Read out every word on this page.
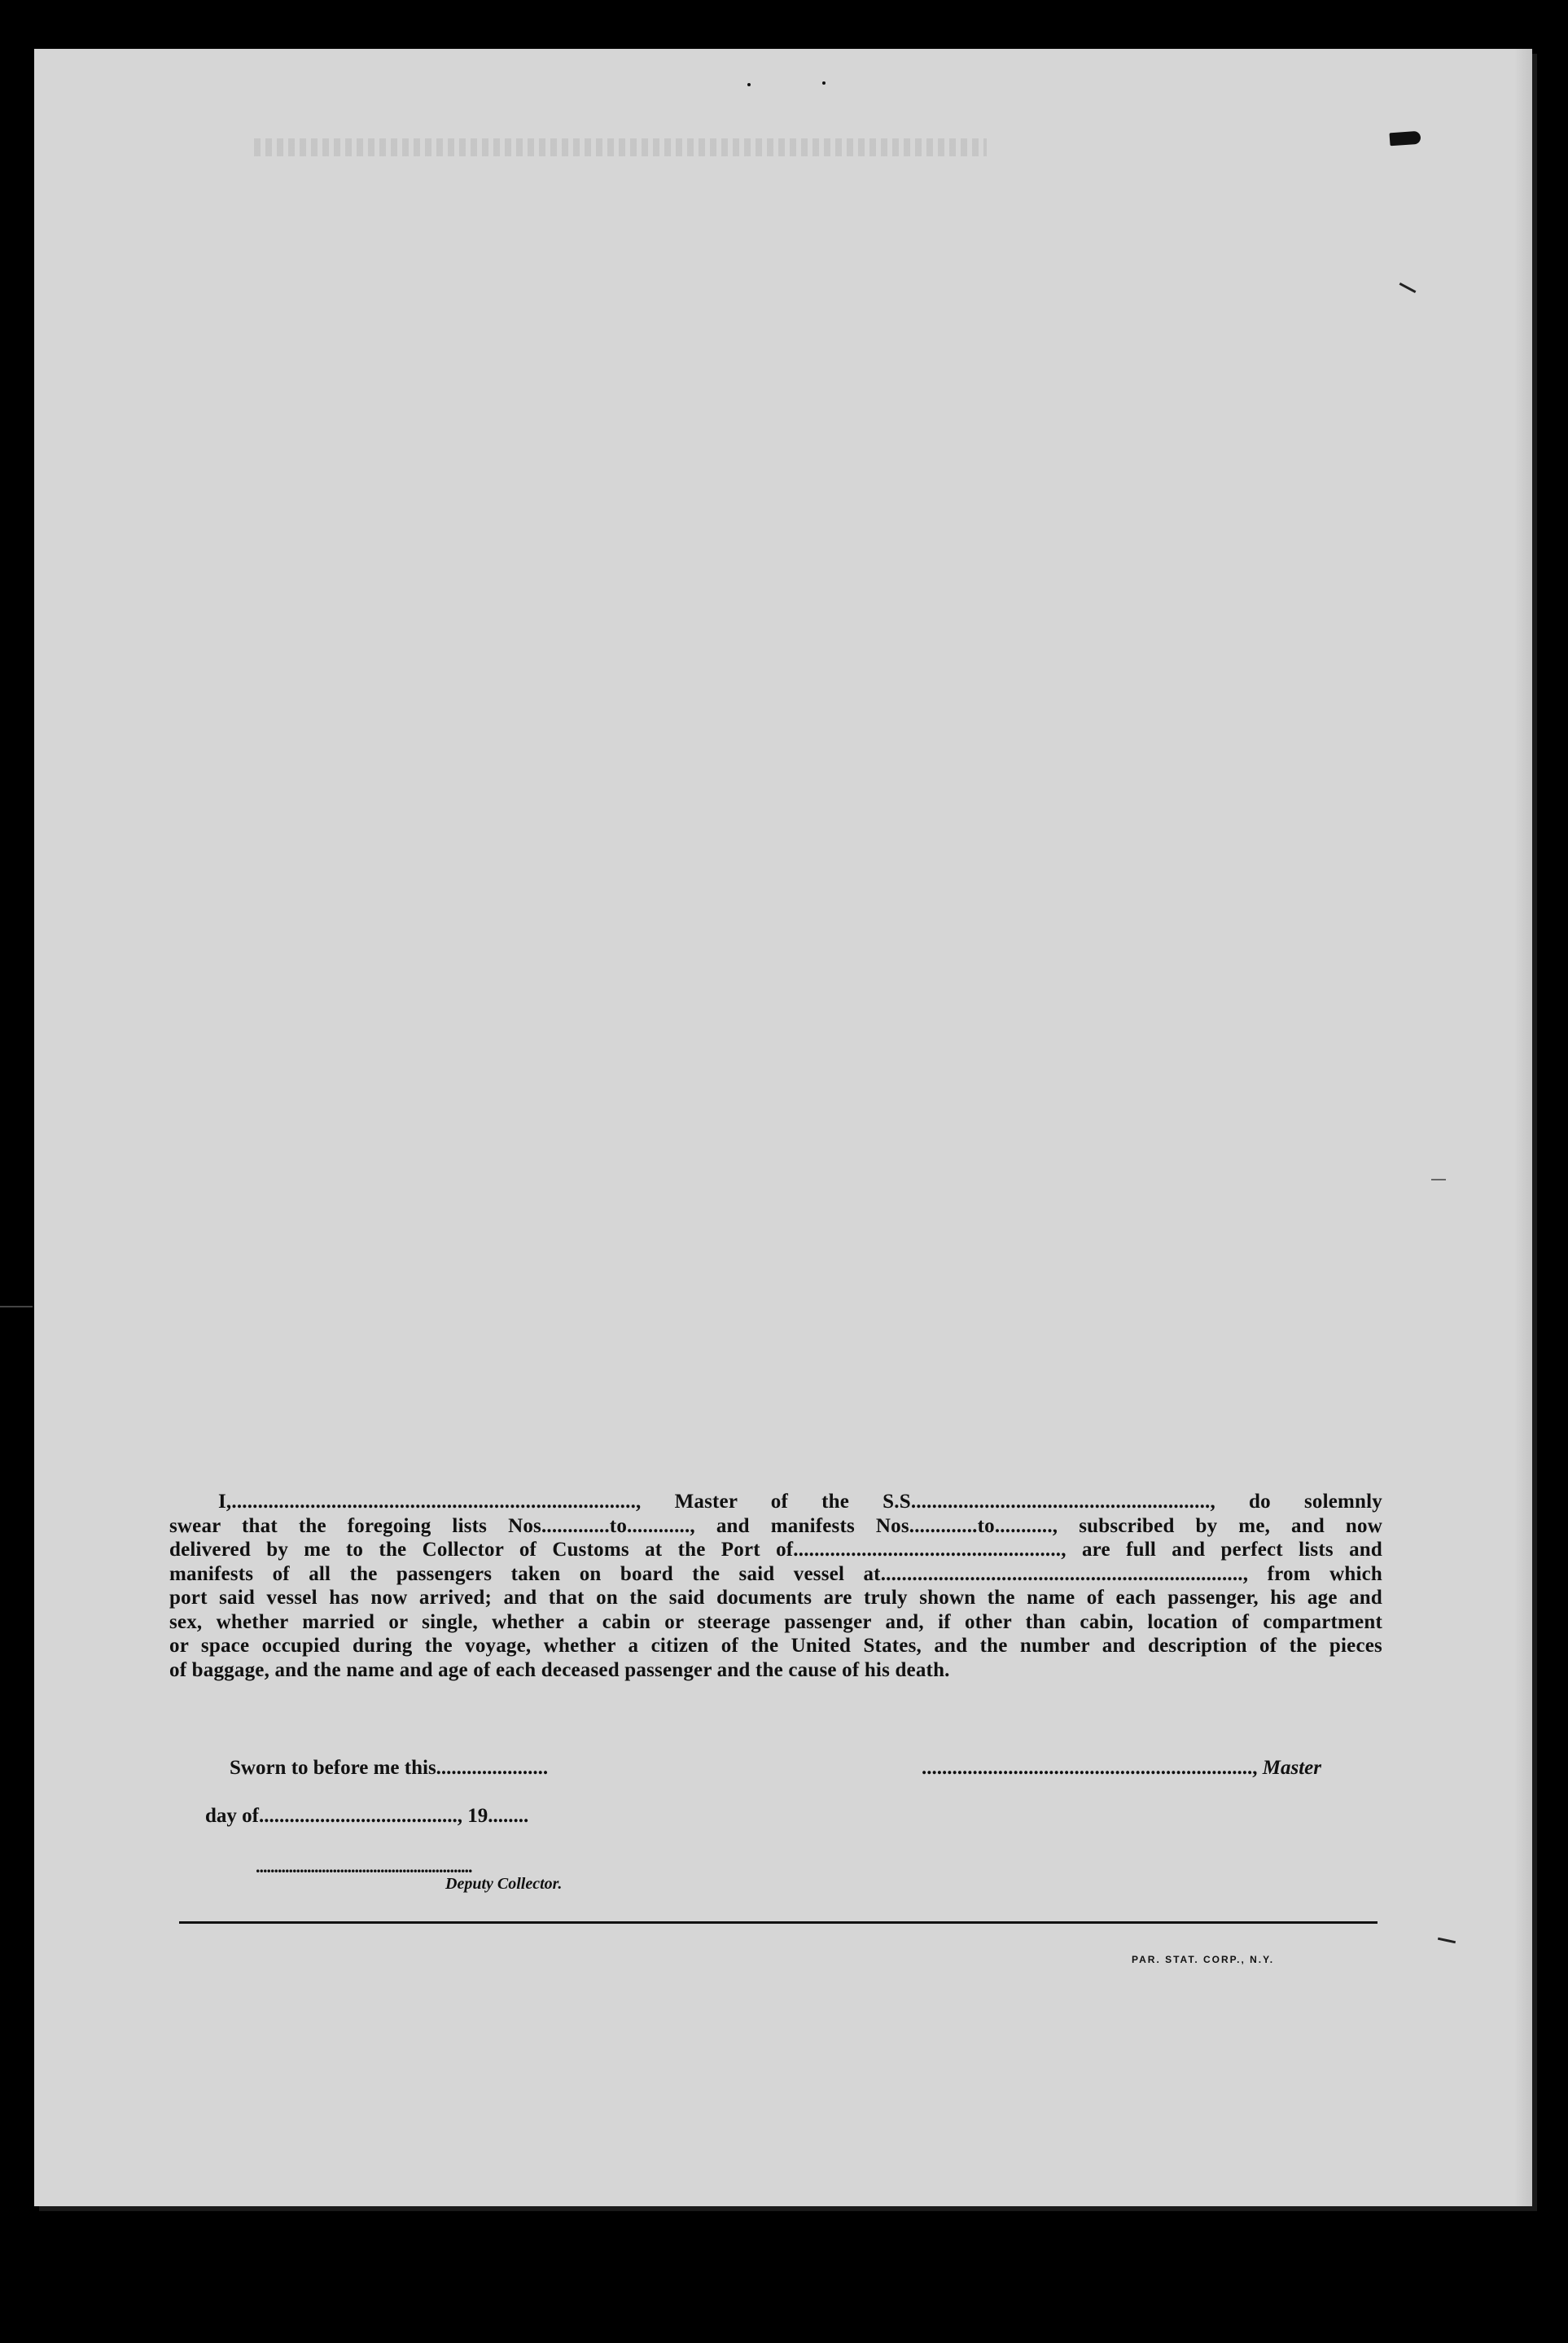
I,............................................................................., Master of the S.S........................................................., do solemnly
swear that the foregoing lists Nos.............to............, and manifests Nos.............to..........., subscribed by me, and now
delivered by me to the Collector of Customs at the Port of..................................................., are full and perfect lists and
manifests of all the passengers taken on board the said vessel at....................................................................., from which
port said vessel has now arrived; and that on the said documents are truly shown the name of each passenger, his age and
sex, whether married or single, whether a cabin or steerage passenger and, if other than cabin, location of compartment
or space occupied during the voyage, whether a citizen of the United States, and the number and description of the pieces
of baggage, and the name and age of each deceased passenger and the cause of his death.
Sworn to before me this......................	................................................................., Master
day of......................................., 19........
...........................................................
Deputy Collector.
PAR. STAT. CORP., N.Y.
